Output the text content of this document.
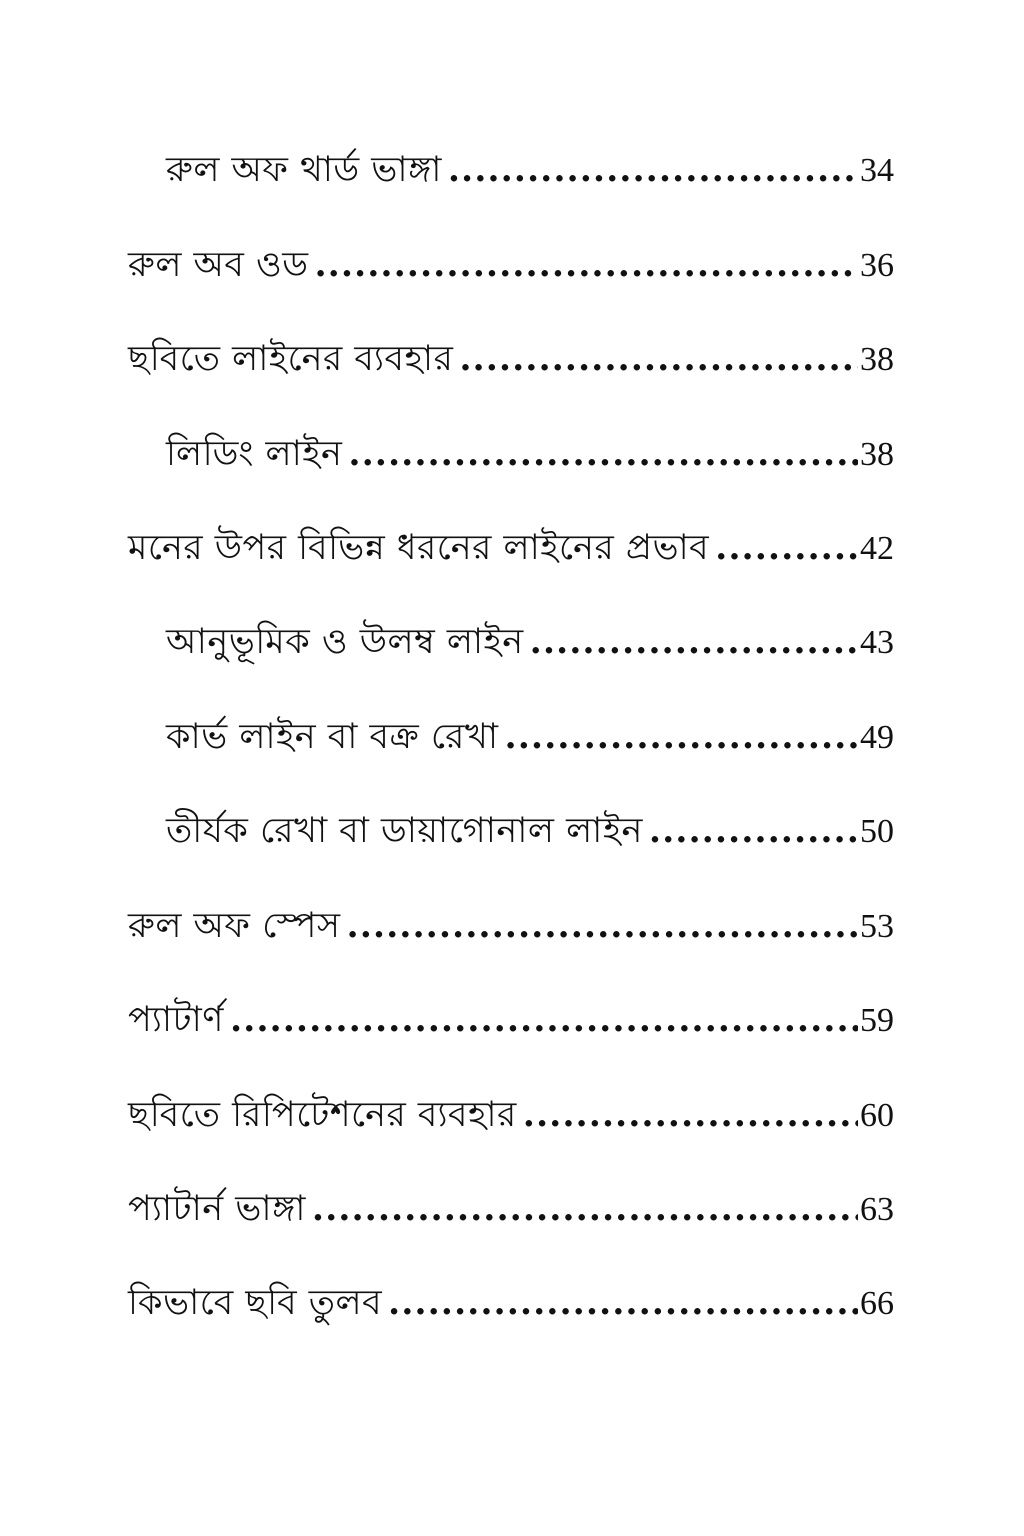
রুল অফ থার্ড ভাঙ্গা .....	34
রুল অব ওড .....	36
ছবিতে লাইনের ব্যবহার .....	38
লিডিং লাইন .....	38
মনের উপর বিভিন্ন ধরনের লাইনের প্রভাব .....	42
আনুভূমিক ও উলম্ব লাইন .....	43
কার্ভ লাইন বা বক্র রেখা .....	49
তীর্যক রেখা বা ডায়াগোনাল লাইন .....	50
রুল অফ স্পেস .....	53
প্যাটার্ণ .....	59
ছবিতে রিপিটেশনের ব্যবহার .....	60
প্যাটার্ন ভাঙ্গা .....	63
কিভাবে ছবি তুলব .....	66
